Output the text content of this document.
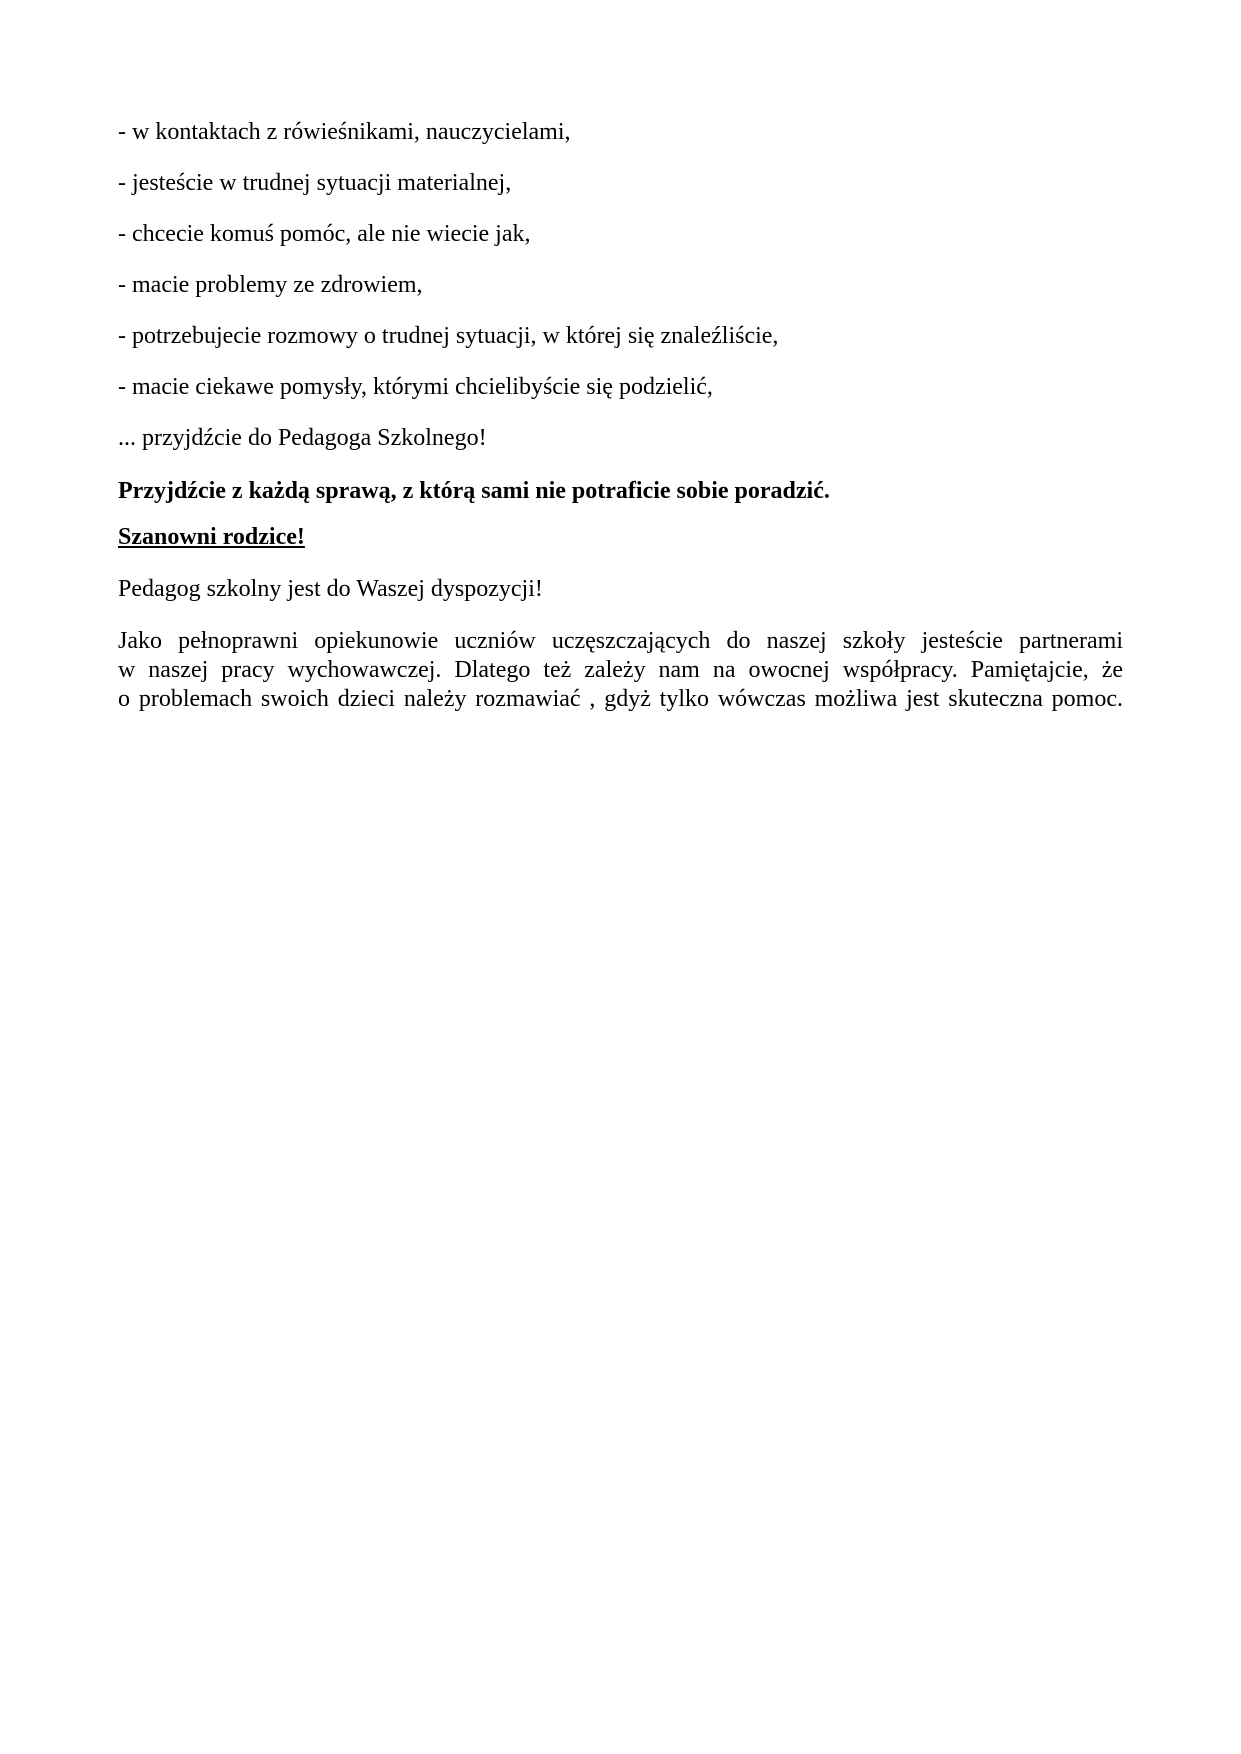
- w kontaktach z rówieśnikami, nauczycielami,

- jesteście w trudnej sytuacji materialnej,

- chcecie komuś pomóc, ale nie wiecie jak,

- macie problemy ze zdrowiem,

- potrzebujecie rozmowy o trudnej sytuacji, w której się znaleźliście,

- macie ciekawe pomysły, którymi chcielibyście się podzielić,

... przyjdźcie do Pedagoga Szkolnego!

Przyjdźcie z każdą sprawą, z którą sami nie potraficie sobie poradzić.

Szanowni rodzice!

Pedagog szkolny jest do Waszej dyspozycji!

Jako pełnoprawni opiekunowie uczniów uczęszczających do naszej szkoły jesteście partnerami

w naszej pracy wychowawczej. Dlatego też zależy nam na owocnej współpracy. Pamiętajcie, że

o problemach swoich dzieci należy rozmawiać , gdyż tylko wówczas możliwa jest skuteczna pomoc.
